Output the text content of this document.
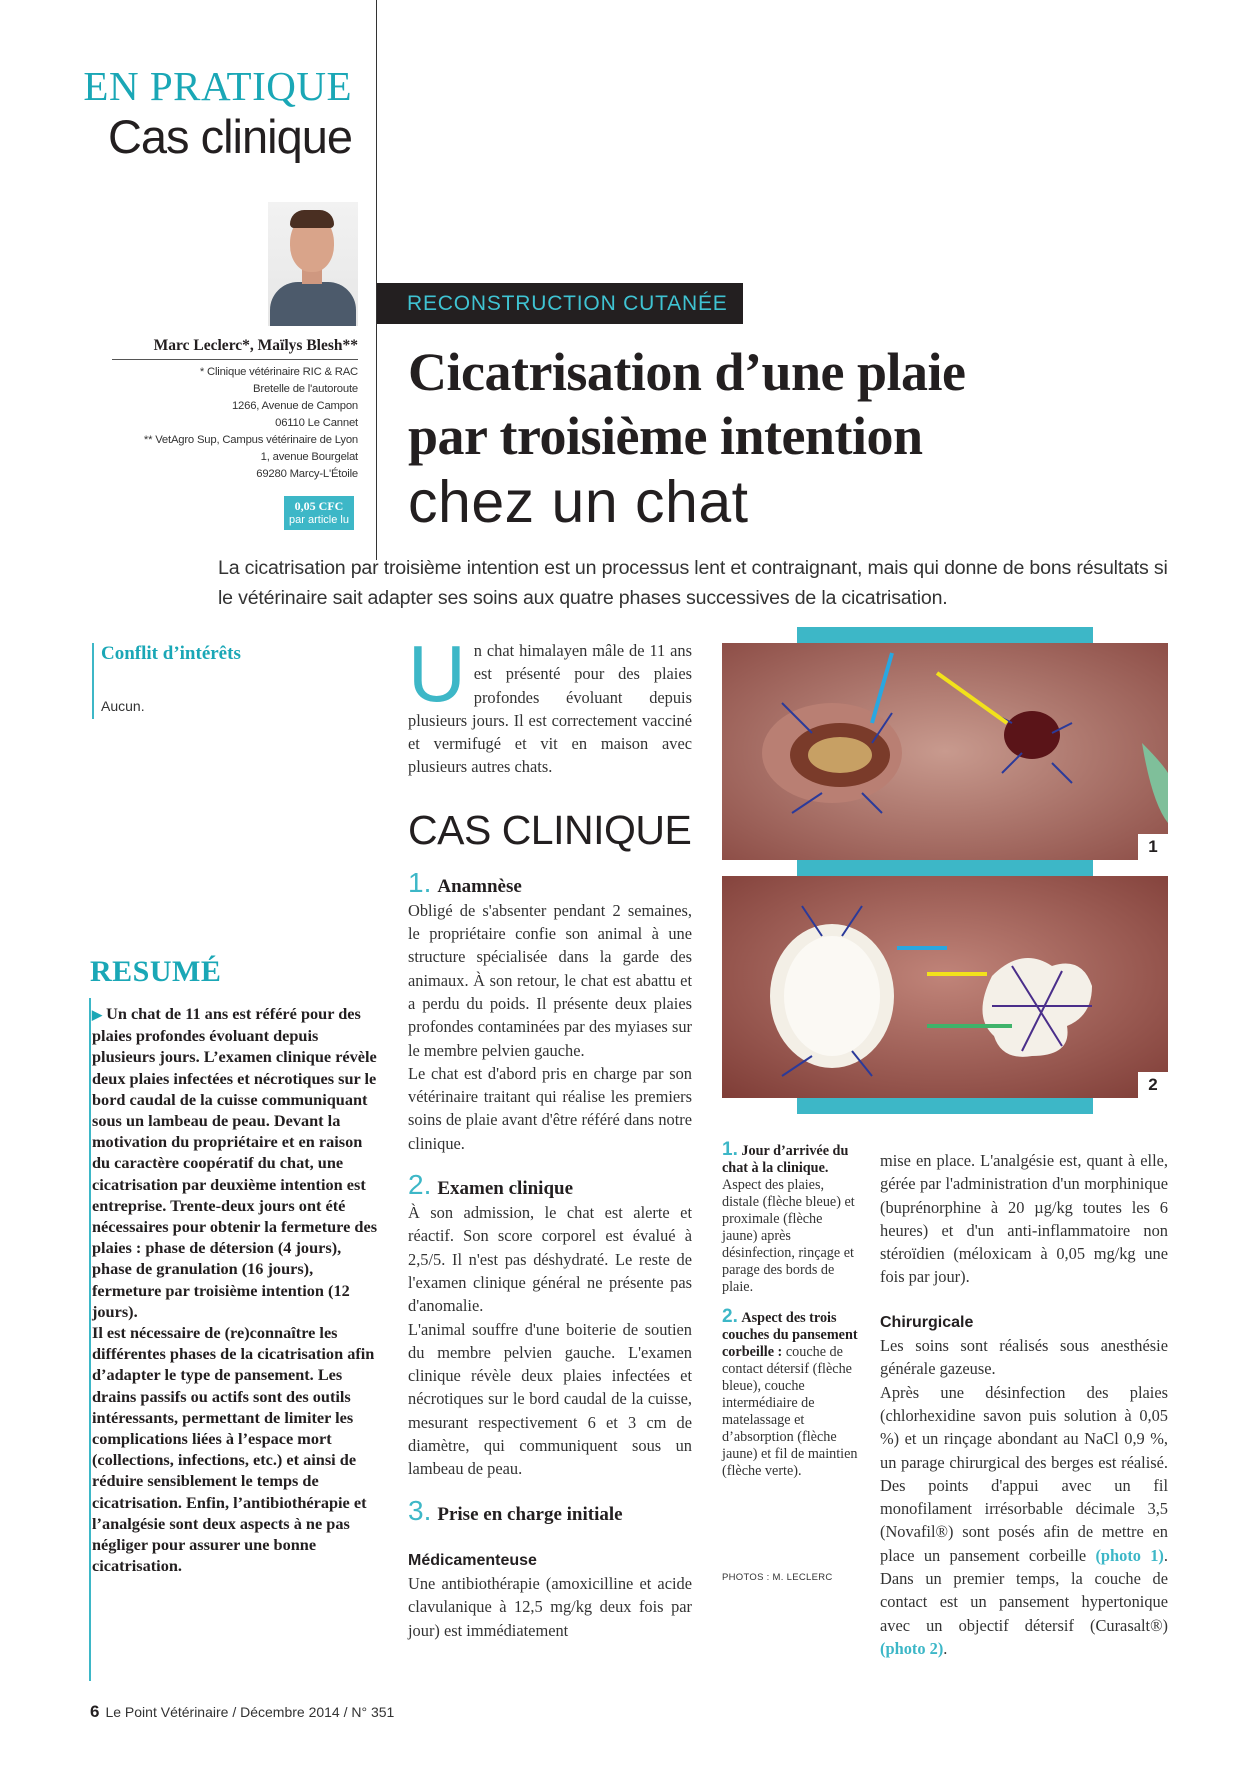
EN PRATIQUE
Cas clinique
Marc Leclerc*, Maïlys Blesh**
* Clinique vétérinaire RIC & RAC
Bretelle de l'autoroute
1266, Avenue de Campon
06110 Le Cannet
** VetAgro Sup, Campus vétérinaire de Lyon
1, avenue Bourgelat
69280 Marcy-L'Étoile
0,05 CFC
par article lu
RECONSTRUCTION CUTANÉE
Cicatrisation d’une plaie
par troisième intention
chez un chat
La cicatrisation par troisième intention est un processus lent et contraignant, mais qui donne de bons résultats si le vétérinaire sait adapter ses soins aux quatre phases successives de la cicatrisation.
Conflit d’intérêts
Aucun.
RESUMÉ
▶ Un chat de 11 ans est référé pour des plaies profondes évoluant depuis plusieurs jours. L’examen clinique révèle deux plaies infectées et nécrotiques sur le bord caudal de la cuisse communiquant sous un lambeau de peau. Devant la motivation du propriétaire et en raison du caractère coopératif du chat, une cicatrisation par deuxième intention est entreprise. Trente-deux jours ont été nécessaires pour obtenir la fermeture des plaies : phase de détersion (4 jours), phase de granulation (16 jours), fermeture par troisième intention (12 jours).
Il est nécessaire de (re)connaître les différentes phases de la cicatrisation afin d’adapter le type de pansement. Les drains passifs ou actifs sont des outils intéressants, permettant de limiter les complications liées à l’espace mort (collections, infections, etc.) et ainsi de réduire sensiblement le temps de cicatrisation. Enfin, l’antibiothérapie et l’analgésie sont deux aspects à ne pas négliger pour assurer une bonne cicatrisation.
U n chat himalayen mâle de 11 ans est présenté pour des plaies profondes évoluant depuis plusieurs jours. Il est correctement vacciné et vermifugé et vit en maison avec plusieurs autres chats.

CAS CLINIQUE
1. Anamnèse

Obligé de s'absenter pendant 2 semaines, le propriétaire confie son animal à une structure spécialisée dans la garde des animaux. À son retour, le chat est abattu et a perdu du poids. Il présente deux plaies profondes contaminées par des myiases sur le membre pelvien gauche.

Le chat est d'abord pris en charge par son vétérinaire traitant qui réalise les premiers soins de plaie avant d'être référé dans notre clinique.

2. Examen clinique

À son admission, le chat est alerte et réactif. Son score corporel est évalué à 2,5/5. Il n'est pas déshydraté. Le reste de l'examen clinique général ne présente pas d'anomalie.

L'animal souffre d'une boiterie de soutien du membre pelvien gauche. L'examen clinique révèle deux plaies infectées et nécrotiques sur le bord caudal de la cuisse, mesurant respectivement 6 et 3 cm de diamètre, qui communiquent sous un lambeau de peau.

3. Prise en charge initiale
Médicamenteuse

Une antibiothérapie (amoxicilline et acide clavulanique à 12,5 mg/kg deux fois par jour) est immédiatement

1
2
1. Jour d’arrivée du chat à la clinique. Aspect des plaies, distale (flèche bleue) et proximale (flèche jaune) après désinfection, rinçage et parage des bords de plaie.
2. Aspect des trois couches du pansement corbeille : couche de contact détersif (flèche bleue), couche intermédiaire de matelassage et d’absorption (flèche jaune) et fil de maintien (flèche verte).
PHOTOS : M. LECLERC

mise en place. L'analgésie est, quant à elle, gérée par l'administration d'un morphinique (buprénorphine à 20 µg/kg toutes les 6 heures) et d'un anti-inflammatoire non stéroïdien (méloxicam à 0,05 mg/kg une fois par jour).

Chirurgicale

Les soins sont réalisés sous anesthésie générale gazeuse.

Après une désinfection des plaies (chlorhexidine savon puis solution à 0,05 %) et un rinçage abondant au NaCl 0,9 %, un parage chirurgical des berges est réalisé. Des points d'appui avec un fil monofilament irrésorbable décimale 3,5 (Novafil®) sont posés afin de mettre en place un pansement corbeille (photo 1). Dans un premier temps, la couche de contact est un pansement hypertonique avec un objectif détersif (Curasalt®) (photo 2).

6 Le Point Vétérinaire / Décembre 2014 / N° 351
